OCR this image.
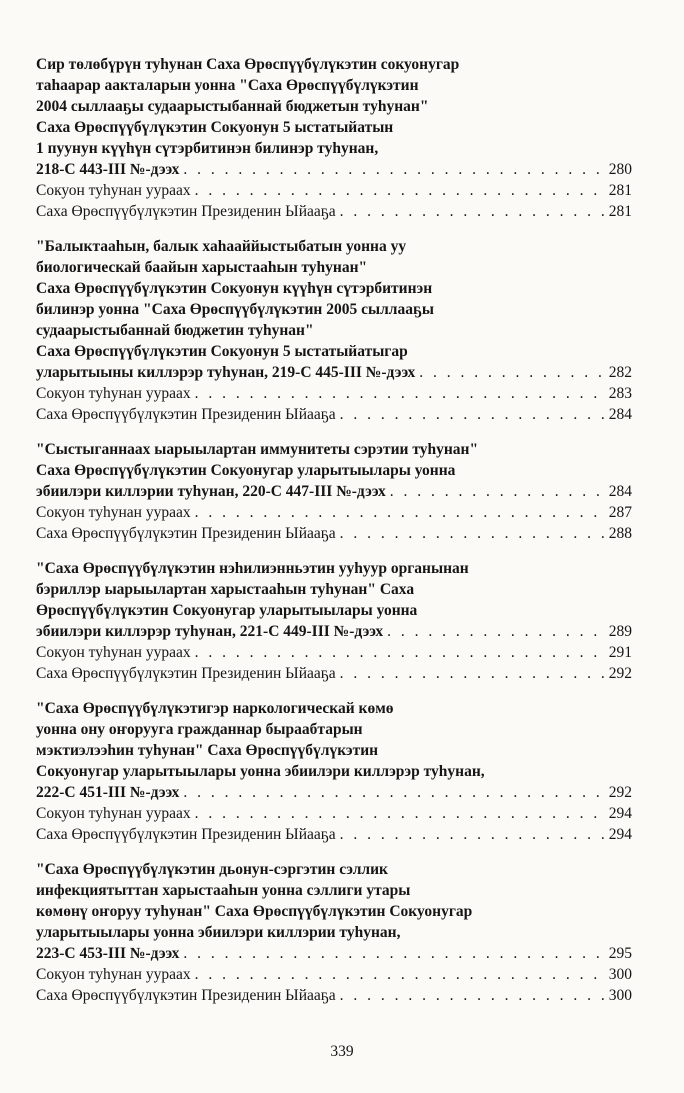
Сир төлөбүрүн туһунан Саха Өрөспүүбүлүкэтин сокуонугар
таһаарар аакталарын уонна "Саха Өрөспүүбүлүкэтин
2004 сыллааҕы судаарыстыбаннай бюджетын туһунан"
Саха Өрөспүүбүлүкэтин Сокуонун 5 ыстатыйатын
1 пуунун күүһүн сүтэрбитинэн билинэр туһунан,
218-С 443-III №-дээх . . .	280
Сокуон туһунан уураах . . .	281
Саха Өрөспүүбүлүкэтин Президенин Ыйааҕа . . .	281
"Балыктааһын, балык хаһааййыстыбатын уонна уу
биологическай баайын харыстааһын туһунан"
Саха Өрөспүүбүлүкэтин Сокуонун күүһүн сүтэрбитинэн
билинэр уонна "Саха Өрөспүүбүлүкэтин 2005 сыллааҕы
судаарыстыбаннай бюджетин туһунан"
Саха Өрөспүүбүлүкэтин Сокуонун 5 ыстатыйатыгар
уларытыыны киллэрэр туһунан, 219-С 445-III №-дээх . . .	282
Сокуон туһунан уураах . . .	283
Саха Өрөспүүбүлүкэтин Президенин Ыйааҕа . . .	284
"Сыстыганнаах ыарыылартан иммунитеты сэрэтии туһунан"
Саха Өрөспүүбүлүкэтин Сокуонугар уларытыылары уонна
эбиилэри киллэрии туһунан, 220-С 447-III №-дээх . . .	284
Сокуон туһунан уураах . . .	287
Саха Өрөспүүбүлүкэтин Президенин Ыйааҕа . . .	288
"Саха Өрөспүүбүлүкэтин нэһилиэнньэтин ууһуур органынан
бэриллэр ыарыылартан харыстааһын туһунан" Саха
Өрөспүүбүлүкэтин Сокуонугар уларытыылары уонна
эбиилэри киллэрэр туһунан, 221-С 449-III №-дээх . . .	289
Сокуон туһунан уураах . . .	291
Саха Өрөспүүбүлүкэтин Президенин Ыйааҕа . . .	292
"Саха Өрөспүүбүлүкэтигэр наркологическай көмө
уонна ону оҥорууга гражданнар быраабтарын
мэктиэлээһин туһунан" Саха Өрөспүүбүлүкэтин
Сокуонугар уларытыылары уонна эбиилэри киллэрэр туһунан,
222-С 451-III №-дээх . . .	292
Сокуон туһунан уураах . . .	294
Саха Өрөспүүбүлүкэтин Президенин Ыйааҕа . . .	294
"Саха Өрөспүүбүлүкэтин дьонун-сэргэтин сэллик
инфекциятыттан харыстааһын уонна сэллиги утары
көмөнү оҥоруу туһунан" Саха Өрөспүүбүлүкэтин Сокуонугар
уларытыылары уонна эбиилэри киллэрии туһунан,
223-С 453-III №-дээх . . .	295
Сокуон туһунан уураах . . .	300
Саха Өрөспүүбүлүкэтин Президенин Ыйааҕа . . .	300
339
